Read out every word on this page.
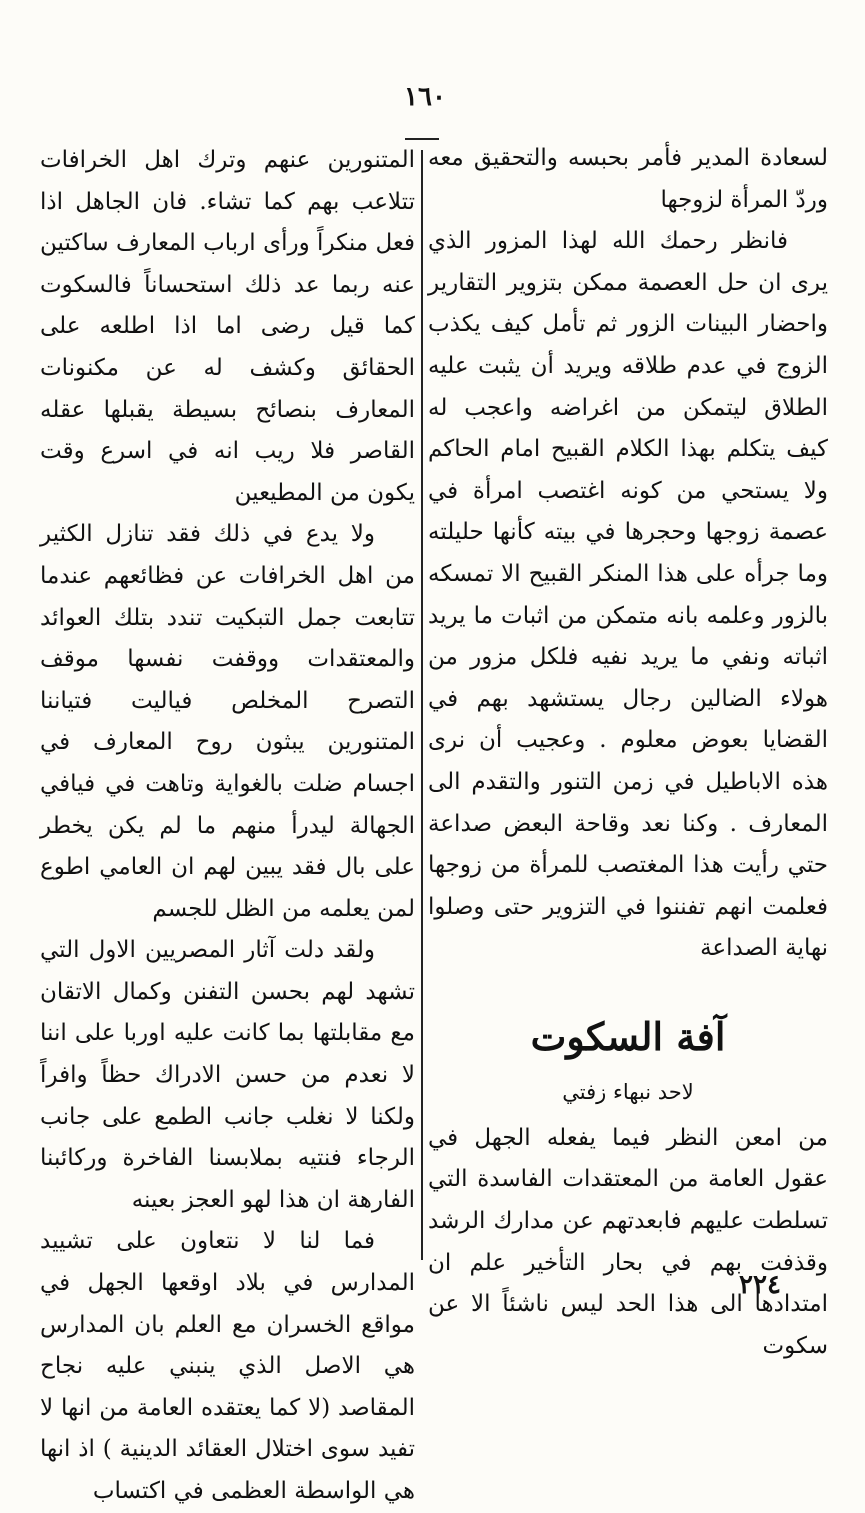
١٦٠

لسعادة المدير فأمر بحبسه والتحقيق معه وردّ المرأة لزوجها

فانظر رحمك الله لهذا المزور الذي يرى ان حل العصمة ممكن بتزوير التقارير واحضار البينات الزور ثم تأمل كيف يكذب الزوج في عدم طلاقه ويريد أن يثبت عليه الطلاق ليتمكن من اغراضه واعجب له كيف يتكلم بهذا الكلام القبيح امام الحاكم ولا يستحي من كونه اغتصب امرأة في عصمة زوجها وحجرها في بيته كأنها حليلته وما جرأه على هذا المنكر القبيح الا تمسكه بالزور وعلمه بانه متمكن من اثبات ما يريد اثباته ونفي ما يريد نفيه فلكل مزور من هولاء الضالين رجال يستشهد بهم في القضايا بعوض معلوم . وعجيب أن نرى هذه الاباطيل في زمن التنور والتقدم الى المعارف . وكنا نعد وقاحة البعض صداعة حتي رأيت هذا المغتصب للمرأة من زوجها فعلمت انهم تفننوا في التزوير حتى وصلوا نهاية الصداعة

آفة السكوت
لاحد نبهاء زفتي

من امعن النظر فيما يفعله الجهل في عقول العامة من المعتقدات الفاسدة التي تسلطت عليهم فابعدتهم عن مدارك الرشد وقذفت بهم في بحار التأخير علم ان امتدادها الى هذا الحد ليس ناشئاً الا عن سكوت

المتنورين عنهم وترك اهل الخرافات تتلاعب بهم كما تشاء. فان الجاهل اذا فعل منكراً ورأى ارباب المعارف ساكتين عنه ربما عد ذلك استحساناً فالسكوت كما قيل رضى اما اذا اطلعه على الحقائق وكشف له عن مكنونات المعارف بنصائح بسيطة يقبلها عقله القاصر فلا ريب انه في اسرع وقت يكون من المطيعين

ولا يدع في ذلك فقد تنازل الكثير من اهل الخرافات عن فظائعهم عندما تتابعت جمل التبكيت تندد بتلك العوائد والمعتقدات ووقفت نفسها موقف التصرح المخلص فياليت فتياننا المتنورين يبثون روح المعارف في اجسام ضلت بالغواية وتاهت في فيافي الجهالة ليدرأ منهم ما لم يكن يخطر على بال فقد يبين لهم ان العامي اطوع لمن يعلمه من الظل للجسم

ولقد دلت آثار المصريين الاول التي تشهد لهم بحسن التفنن وكمال الاتقان مع مقابلتها بما كانت عليه اوربا على اننا لا نعدم من حسن الادراك حظاً وافراً ولكنا لا نغلب جانب الطمع على جانب الرجاء فنتيه بملابسنا الفاخرة وركائبنا الفارهة ان هذا لهو العجز بعينه

فما لنا لا نتعاون على تشييد المدارس في بلاد اوقعها الجهل في مواقع الخسران مع العلم بان المدارس هي الاصل الذي ينبني عليه نجاح المقاصد (لا كما يعتقده العامة من انها لا تفيد سوى اختلال العقائد الدينية ) اذ انها هي الواسطة العظمى في اكتساب

٢٢٤
